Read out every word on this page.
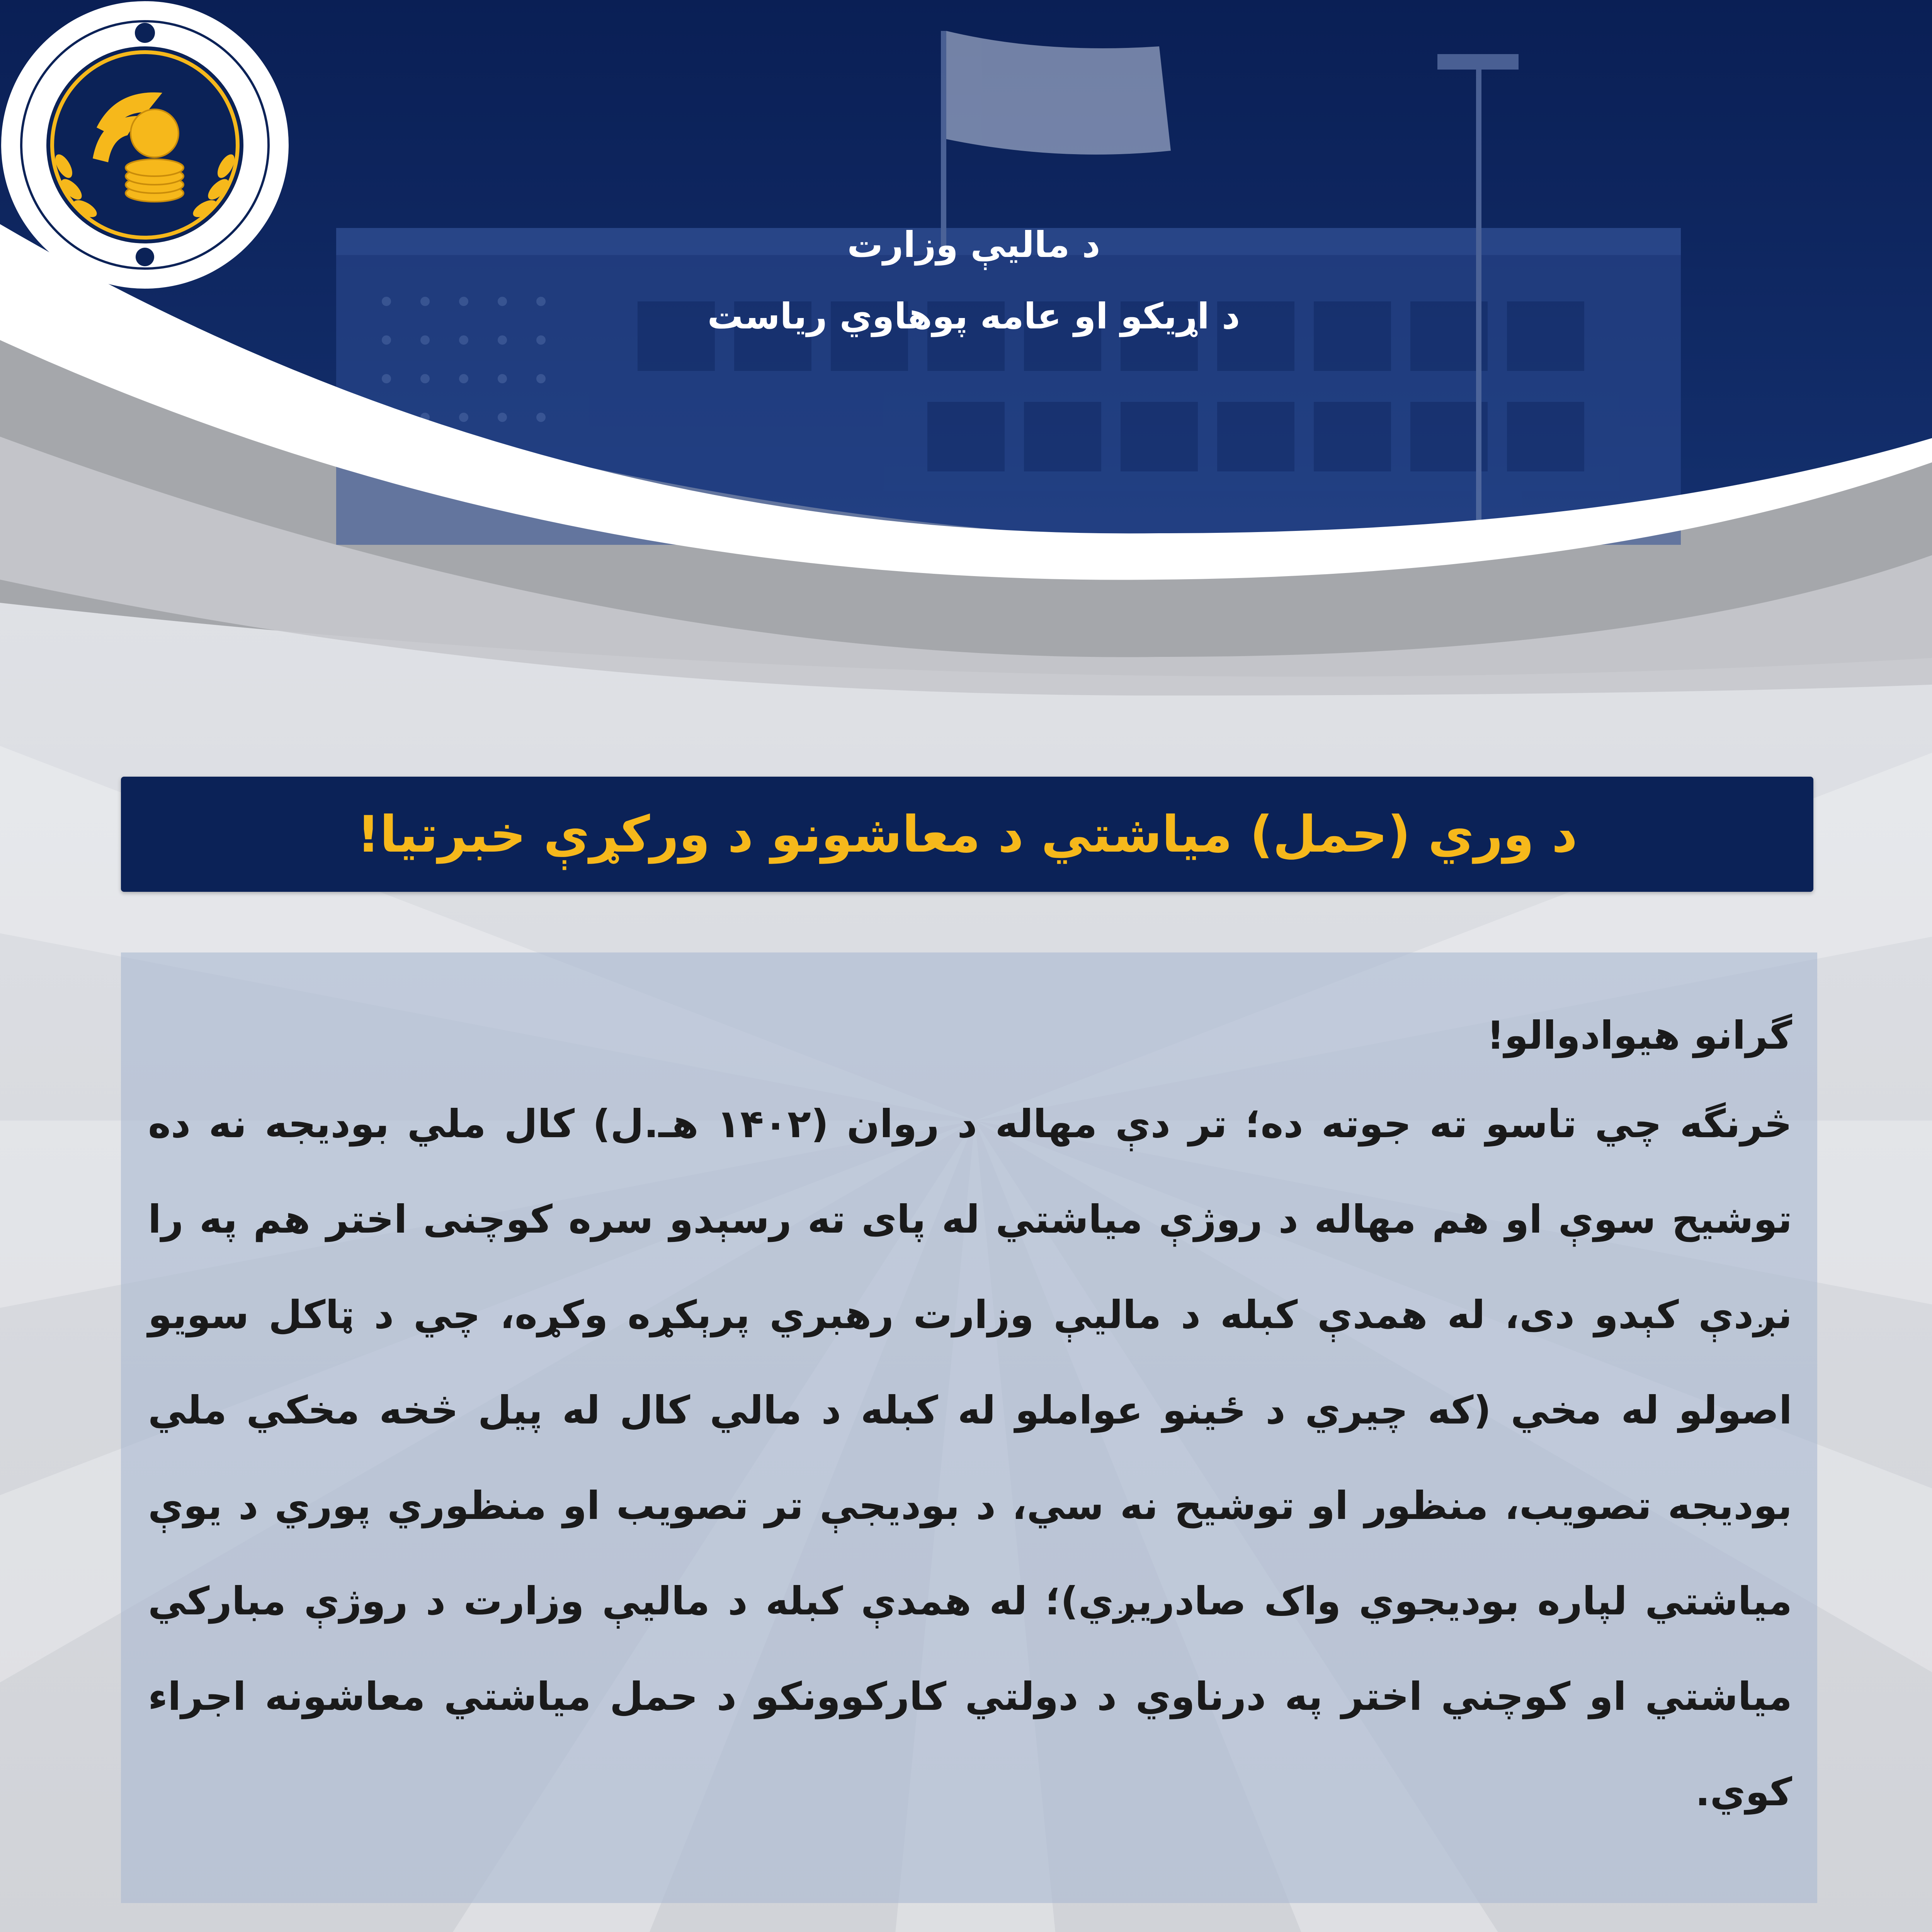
د ماليې وزارت
د اړيکو او عامه پوهاوي رياست
د وري (حمل) مياشتي د معاشونو د ورکړې خبرتيا!

گرانو هيوادوالو!

څرنگه چي تاسو ته جوته ده؛ تر دې مهاله د روان (۱۴۰۲ هـ.ل) کال ملي بوديجه نه ده توشيح سوې او هم مهاله د روژې مياشتي له پای ته رسېدو سره کوچنی اختر هم په را نږدې کېدو دی، له همدې کبله د ماليې وزارت رهبري پرېکړه وکړه، چي د ټاکل سويو اصولو له مخي (که چيري د ځينو عواملو له کبله د مالي کال له پيل څخه مخکي ملي بوديجه تصويب، منظور او توشيح نه سي، د بوديجې تر تصويب او منظوري پوري د يوې مياشتي لپاره بوديجوي واک صادريږي)؛ له همدې کبله د ماليې وزارت د روژې مبارکي مياشتي او کوچني اختر په درناوي د دولتي کارکوونکو د حمل مياشتي معاشونه اجراء کوي.
